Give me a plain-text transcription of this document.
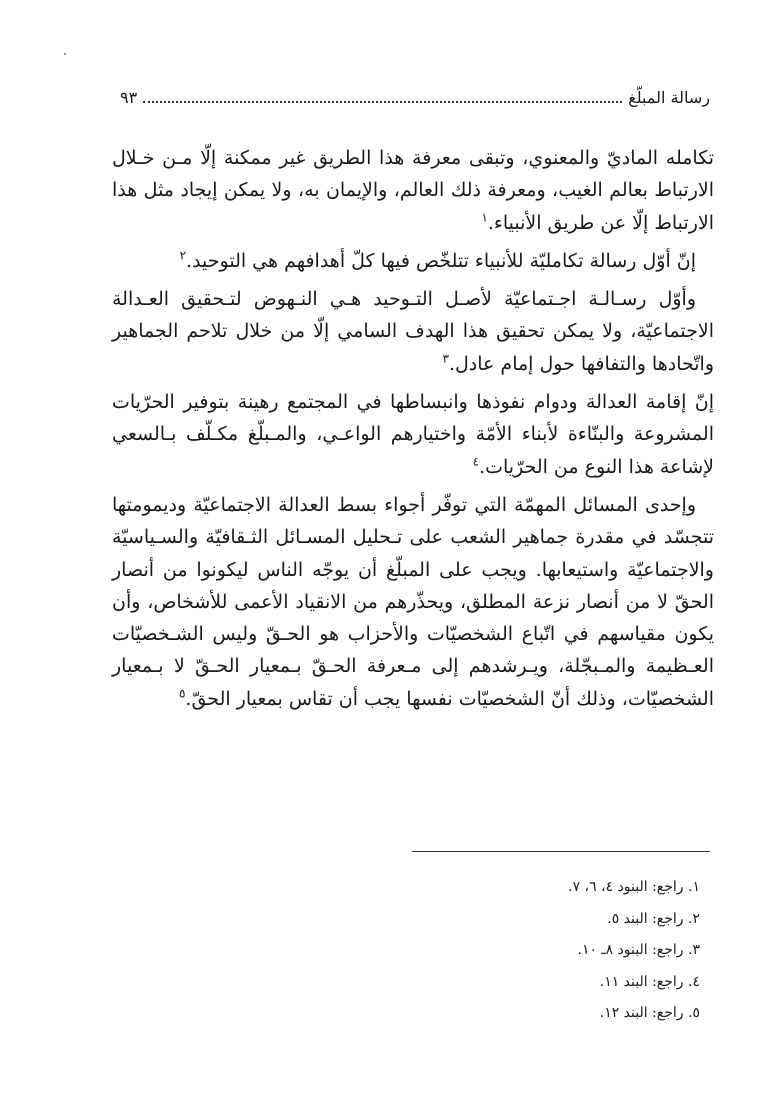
رسالة المبلّغ
٩٣

تكامله الماديّ والمعنوي، وتبقى معرفة هذا الطريق غير ممكنة إلّا مـن خـلال الارتباط بعالم الغيب، ومعرفة ذلك العالم، والإيمان به، ولا يمكن إيجاد مثل هذا الارتباط إلّا عن طريق الأنبياء.$^١$

إنّ أوّل رسالة تكامليّة للأنبياء تتلخّص فيها كلّ أهدافهم هي التوحيد.$^٢$

وأوّل رسـالـة اجـتماعيّة لأصـل التـوحيد هـي النـهوض لتـحقيق العـدالة الاجتماعيّة، ولا يمكن تحقيق هذا الهدف السامي إلّا من خلال تلاحم الجماهير واتّحادها والتفافها حول إمام عادل.$^٣$

إنّ إقامة العدالة ودوام نفوذها وانبساطها في المجتمع رهينة بتوفير الحرّيات المشروعة والبنّاءة لأبناء الأمّة واختيارهم الواعـي، والمـبلّغ مكـلّف بـالسعي لإشاعة هذا النوع من الحرّيات.$^٤$

وإحدى المسائل المهمّة التي توفّر أجواء بسط العدالة الاجتماعيّة وديمومتها تتجسّد في مقدرة جماهير الشعب على تـحليل المسـائل الثـقافيّة والسـياسيّة والاجتماعيّة واستيعابها. ويجب على المبلّغ أن يوجّه الناس ليكونوا من أنصار الحقّ لا من أنصار نزعة المطلق، ويحذّرهم من الانقياد الأعمى للأشخاص، وأن يكون مقياسهم في اتّباع الشخصيّات والأحزاب هو الحـقّ وليس الشـخصيّات العـظيمة والمـبجّلة، ويـرشدهم إلى مـعرفة الحـقّ بـمعيار الحـقّ لا بـمعيار الشخصيّات، وذلك أنّ الشخصيّات نفسها يجب أن تقاس بمعيار الحقّ.$^٥$

١. راجع: البنود ٤، ٦، ٧.

٢. راجع: البند ٥.

٣. راجع: البنود ٨ـ ١٠.

٤. راجع: البند ١١.

٥. راجع: البند ١٢.
